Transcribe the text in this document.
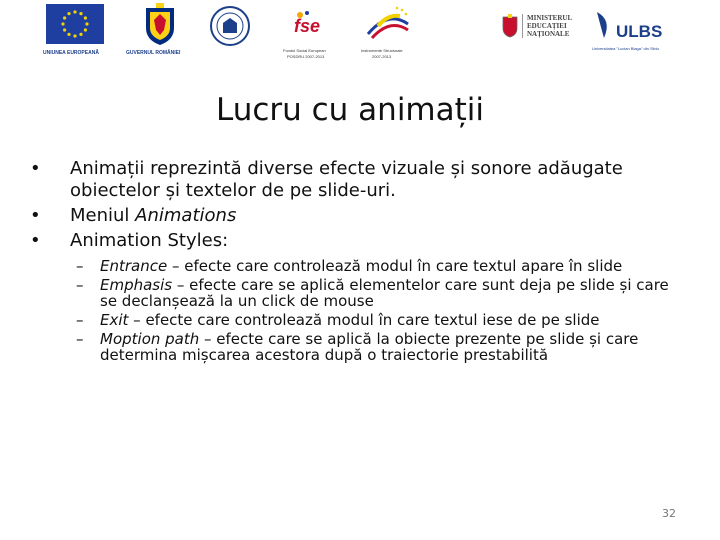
UNIUNEA EUROPEANĂ	GUVERNUL ROMÂNIEI
fse
Fondul Social European
POSDRU 2007-2013
Instrumente Structurale
2007-2013
MINISTERUL
EDUCAȚIEI
NAȚIONALE	ULBS
Universitatea "Lucian Blaga" din Sibiu
Lucru cu animații
• Animații reprezintă diverse efecte vizuale și sonore adăugate obiectelor și textelor de pe slide-uri.
• Meniul Animations
• Animation Styles:
– Entrance – efecte care controlează modul în care textul apare în slide
– Emphasis – efecte care se aplică elementelor care sunt deja pe slide și care se declanșează la un click de mouse
– Exit – efecte care controlează modul în care textul iese de pe slide
– Moption path – efecte care se aplică la obiecte prezente pe slide și care determina mișcarea acestora după o traiectorie prestabilită
32
